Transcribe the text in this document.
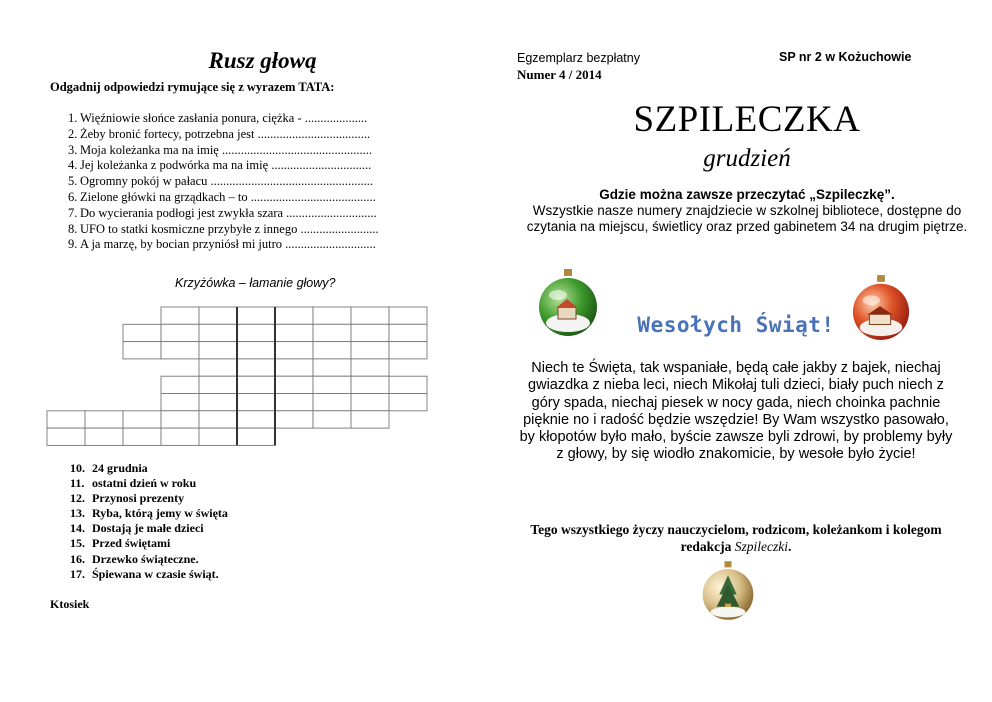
Rusz głową
Odgadnij odpowiedzi rymujące się z wyrazem TATA:
1. Więźniowie słońce zasłania ponura, ciężka - ....................
2. Żeby bronić fortecy, potrzebna jest ....................................
3. Moja koleżanka ma na imię ................................................
4. Jej koleżanka z podwórka ma na imię ................................
5. Ogromny pokój w pałacu ....................................................
6. Zielone główki na grządkach – to ........................................
7. Do wycierania podłogi jest zwykła szara .............................
8. UFO to statki kosmiczne przybyłe z innego .........................
9. A ja marzę, by bocian przyniósł mi jutro .............................
Krzyżówka – łamanie głowy?
10. 24 grudnia
11. ostatni dzień w roku
12. Przynosi prezenty
13. Ryba, którą jemy w święta
14. Dostają je małe dzieci
15. Przed świętami
16. Drzewko świąteczne.
17. Śpiewana w czasie świąt.
Ktosiek
Egzemplarz bezpłatny	SP nr 2 w Kożuchowie
Numer 4 / 2014
SZPILECZKA
grudzień
Gdzie można zawsze przeczytać „Szpileczkę”.
Wszystkie nasze numery znajdziecie w szkolnej bibliotece, dostępne do czytania na miejscu, świetlicy oraz przed gabinetem 34 na drugim piętrze.
Wesołych Świąt!
Niech te Święta, tak wspaniałe, będą całe jakby z bajek, niechaj gwiazdka z nieba leci, niech Mikołaj tuli dzieci, biały puch niech z góry spada, niechaj piesek w nocy gada, niech choinka pachnie pięknie no i radość będzie wszędzie! By Wam wszystko pasowało, by kłopotów było mało, byście zawsze byli zdrowi, by problemy były z głowy, by się wiodło znakomicie, by wesołe było życie!
Tego wszystkiego życzy nauczycielom, rodzicom, koleżankom i kolegom redakcja Szpileczki.
